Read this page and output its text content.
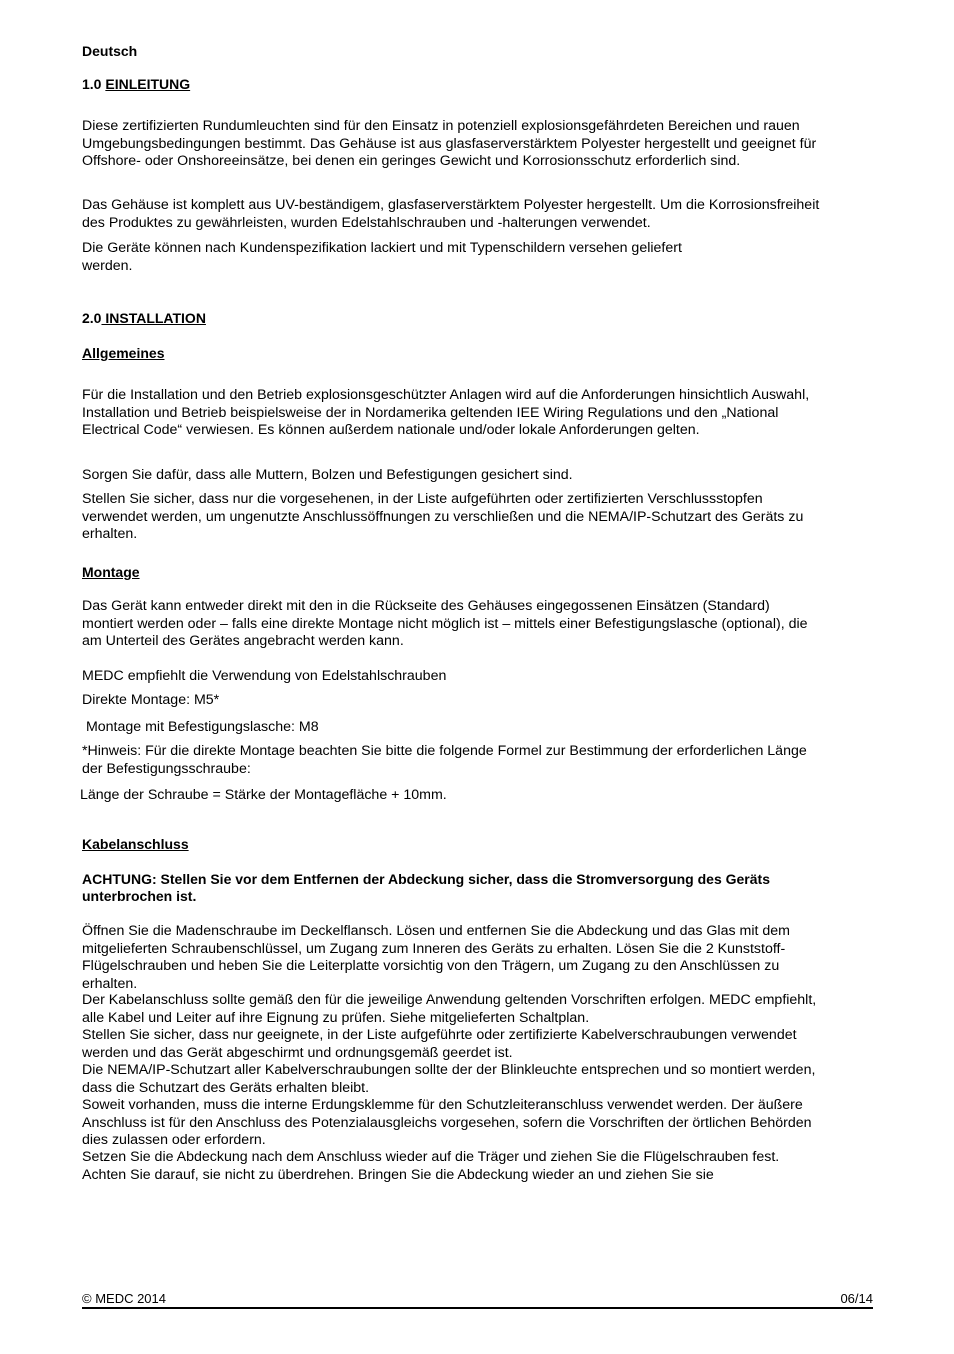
Deutsch
1.0 EINLEITUNG

Diese zertifizierten Rundumleuchten sind für den Einsatz in potenziell explosionsgefährdeten Bereichen und rauen Umgebungsbedingungen bestimmt. Das Gehäuse ist aus glasfaserverstärktem Polyester hergestellt und geeignet für Offshore- oder Onshoreeinsätze, bei denen ein geringes Gewicht und Korrosionsschutz erforderlich sind.

Das Gehäuse ist komplett aus UV-beständigem, glasfaserverstärktem Polyester hergestellt. Um die Korrosionsfreiheit des Produktes zu gewährleisten, wurden Edelstahlschrauben und -halterungen verwendet.

Die Geräte können nach Kundenspezifikation lackiert und mit Typenschildern versehen geliefert werden.

2.0 INSTALLATION
Allgemeines

Für die Installation und den Betrieb explosionsgeschützter Anlagen wird auf die Anforderungen hinsichtlich Auswahl, Installation und Betrieb beispielsweise der in Nordamerika geltenden IEE Wiring Regulations und den „National Electrical Code“ verwiesen. Es können außerdem nationale und/oder lokale Anforderungen gelten.

Sorgen Sie dafür, dass alle Muttern, Bolzen und Befestigungen gesichert sind.

Stellen Sie sicher, dass nur die vorgesehenen, in der Liste aufgeführten oder zertifizierten Verschlussstopfen verwendet werden, um ungenutzte Anschlussöffnungen zu verschließen und die NEMA/IP-Schutzart des Geräts zu erhalten.

Montage

Das Gerät kann entweder direkt mit den in die Rückseite des Gehäuses eingegossenen Einsätzen (Standard) montiert werden oder – falls eine direkte Montage nicht möglich ist – mittels einer Befestigungslasche (optional), die am Unterteil des Gerätes angebracht werden kann.

MEDC empfiehlt die Verwendung von Edelstahlschrauben

Direkte Montage: M5*

Montage mit Befestigungslasche: M8

*Hinweis: Für die direkte Montage beachten Sie bitte die folgende Formel zur Bestimmung der erforderlichen Länge der Befestigungsschraube:

Länge der Schraube = Stärke der Montagefläche + 10mm.

Kabelanschluss

ACHTUNG: Stellen Sie vor dem Entfernen der Abdeckung sicher, dass die Stromversorgung des Geräts unterbrochen ist.

Öffnen Sie die Madenschraube im Deckelflansch. Lösen und entfernen Sie die Abdeckung und das Glas mit dem mitgelieferten Schraubenschlüssel, um Zugang zum Inneren des Geräts zu erhalten. Lösen Sie die 2 Kunststoff-Flügelschrauben und heben Sie die Leiterplatte vorsichtig von den Trägern, um Zugang zu den Anschlüssen zu erhalten.

Der Kabelanschluss sollte gemäß den für die jeweilige Anwendung geltenden Vorschriften erfolgen. MEDC empfiehlt, alle Kabel und Leiter auf ihre Eignung zu prüfen. Siehe mitgelieferten Schaltplan.

Stellen Sie sicher, dass nur geeignete, in der Liste aufgeführte oder zertifizierte Kabelverschraubungen verwendet werden und das Gerät abgeschirmt und ordnungsgemäß geerdet ist.

Die NEMA/IP-Schutzart aller Kabelverschraubungen sollte der der Blinkleuchte entsprechen und so montiert werden, dass die Schutzart des Geräts erhalten bleibt.

Soweit vorhanden, muss die interne Erdungsklemme für den Schutzleiteranschluss verwendet werden. Der äußere Anschluss ist für den Anschluss des Potenzialausgleichs vorgesehen, sofern die Vorschriften der örtlichen Behörden dies zulassen oder erfordern.

Setzen Sie die Abdeckung nach dem Anschluss wieder auf die Träger und ziehen Sie die Flügelschrauben fest. Achten Sie darauf, sie nicht zu überdrehen. Bringen Sie die Abdeckung wieder an und ziehen Sie sie

© MEDC 2014	06/14
